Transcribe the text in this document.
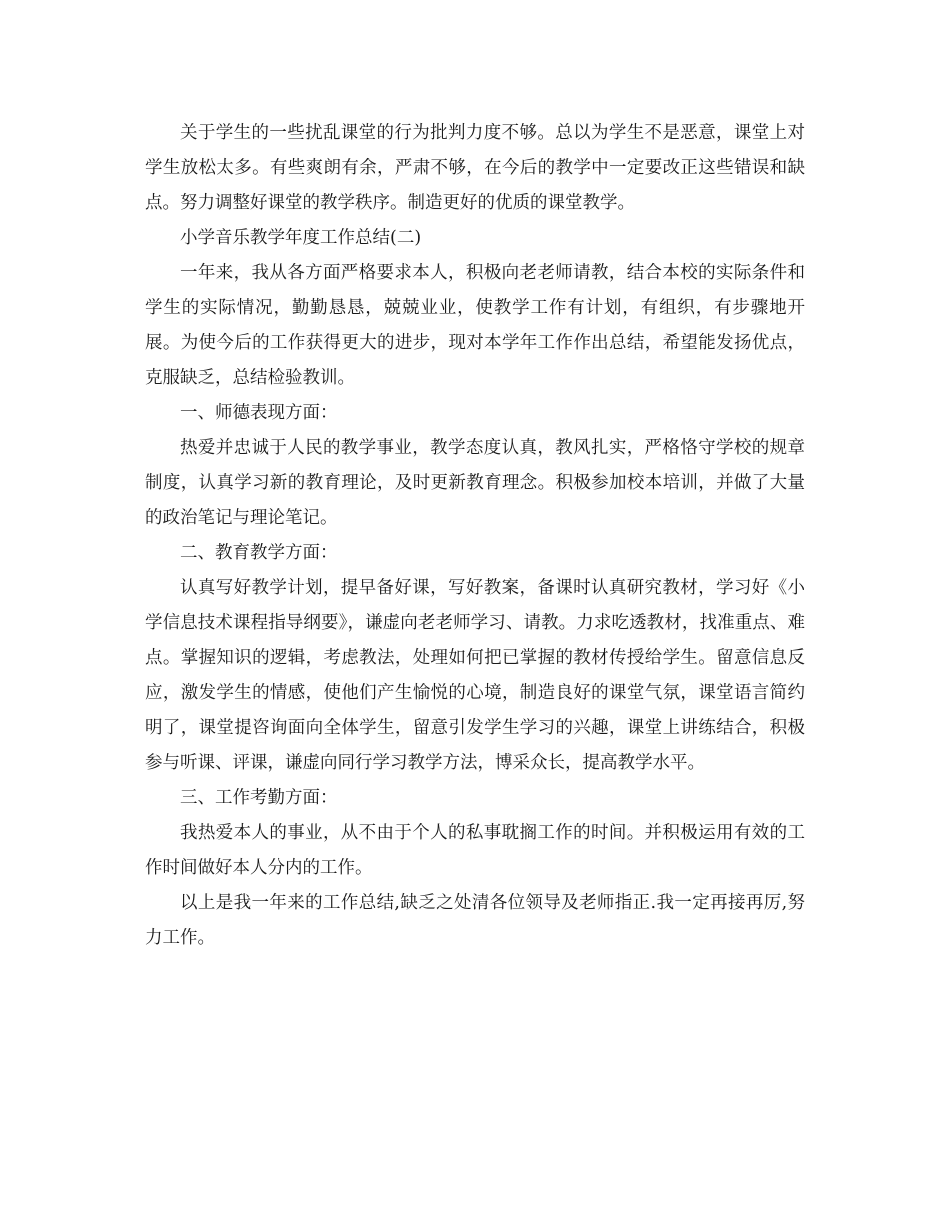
关于学生的一些扰乱课堂的行为批判力度不够。总以为学生不是恶意，课堂上对学生放松太多。有些爽朗有余，严肃不够，在今后的教学中一定要改正这些错误和缺点。努力调整好课堂的教学秩序。制造更好的优质的课堂教学。

小学音乐教学年度工作总结(二)

一年来，我从各方面严格要求本人，积极向老老师请教，结合本校的实际条件和学生的实际情况，勤勤恳恳，兢兢业业，使教学工作有计划，有组织，有步骤地开展。为使今后的工作获得更大的进步，现对本学年工作作出总结，希望能发扬优点，克服缺乏，总结检验教训。

一、师德表现方面：

热爱并忠诚于人民的教学事业，教学态度认真，教风扎实，严格恪守学校的规章制度，认真学习新的教育理论，及时更新教育理念。积极参加校本培训，并做了大量的政治笔记与理论笔记。

二、教育教学方面：

认真写好教学计划，提早备好课，写好教案，备课时认真研究教材，学习好《小学信息技术课程指导纲要》，谦虚向老老师学习、请教。力求吃透教材，找准重点、难点。掌握知识的逻辑，考虑教法，处理如何把已掌握的教材传授给学生。留意信息反应，激发学生的情感，使他们产生愉悦的心境，制造良好的课堂气氛，课堂语言简约明了，课堂提咨询面向全体学生，留意引发学生学习的兴趣，课堂上讲练结合，积极参与听课、评课，谦虚向同行学习教学方法，博采众长，提高教学水平。

三、工作考勤方面：

我热爱本人的事业，从不由于个人的私事耽搁工作的时间。并积极运用有效的工作时间做好本人分内的工作。

以上是我一年来的工作总结,缺乏之处清各位领导及老师指正.我一定再接再厉,努力工作。
